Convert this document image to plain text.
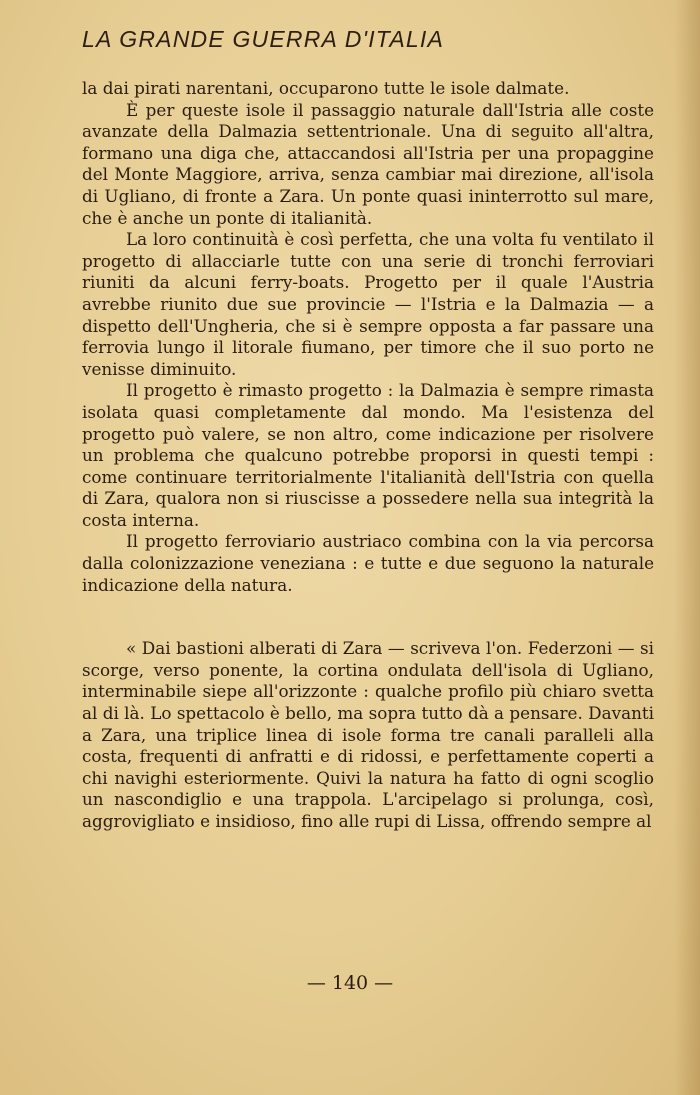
LA GRANDE GUERRA D'ITALIA

la dai pirati narentani, occuparono tutte le isole dalmate.

È per queste isole il passaggio naturale dall'Istria alle coste avanzate della Dalmazia settentrionale. Una di seguito all'altra, formano una diga che, attaccandosi all'Istria per una propaggine del Monte Maggiore, arriva, senza cambiar mai direzione, all'isola di Ugliano, di fronte a Zara. Un ponte quasi ininterrotto sul mare, che è anche un ponte di italianità.

La loro continuità è così perfetta, che una volta fu ventilato il progetto di allacciarle tutte con una serie di tronchi ferroviari riuniti da alcuni ferry-boats. Progetto per il quale l'Austria avrebbe riunito due sue provincie — l'Istria e la Dalmazia — a dispetto dell'Ungheria, che si è sempre opposta a far passare una ferrovia lungo il litorale fiumano, per timore che il suo porto ne venisse diminuito.

Il progetto è rimasto progetto : la Dalmazia è sempre rimasta isolata quasi completamente dal mondo. Ma l'esistenza del progetto può valere, se non altro, come indicazione per risolvere un problema che qualcuno potrebbe proporsi in questi tempi : come continuare territorialmente l'italianità dell'Istria con quella di Zara, qualora non si riuscisse a possedere nella sua integrità la costa interna.

Il progetto ferroviario austriaco combina con la via percorsa dalla colonizzazione veneziana : e tutte e due seguono la naturale indicazione della natura.

« Dai bastioni alberati di Zara — scriveva l'on. Federzoni — si scorge, verso ponente, la cortina ondulata dell'isola di Ugliano, interminabile siepe all'orizzonte : qualche profilo più chiaro svetta al di là. Lo spettacolo è bello, ma sopra tutto dà a pensare. Davanti a Zara, una triplice linea di isole forma tre canali paralleli alla costa, frequenti di anfratti e di ridossi, e perfettamente coperti a chi navighi esteriormente. Quivi la natura ha fatto di ogni scoglio un nascondiglio e una trappola. L'arcipelago si prolunga, così, aggrovigliato e insidioso, fino alle rupi di Lissa, offrendo sempre al

— 140 —
